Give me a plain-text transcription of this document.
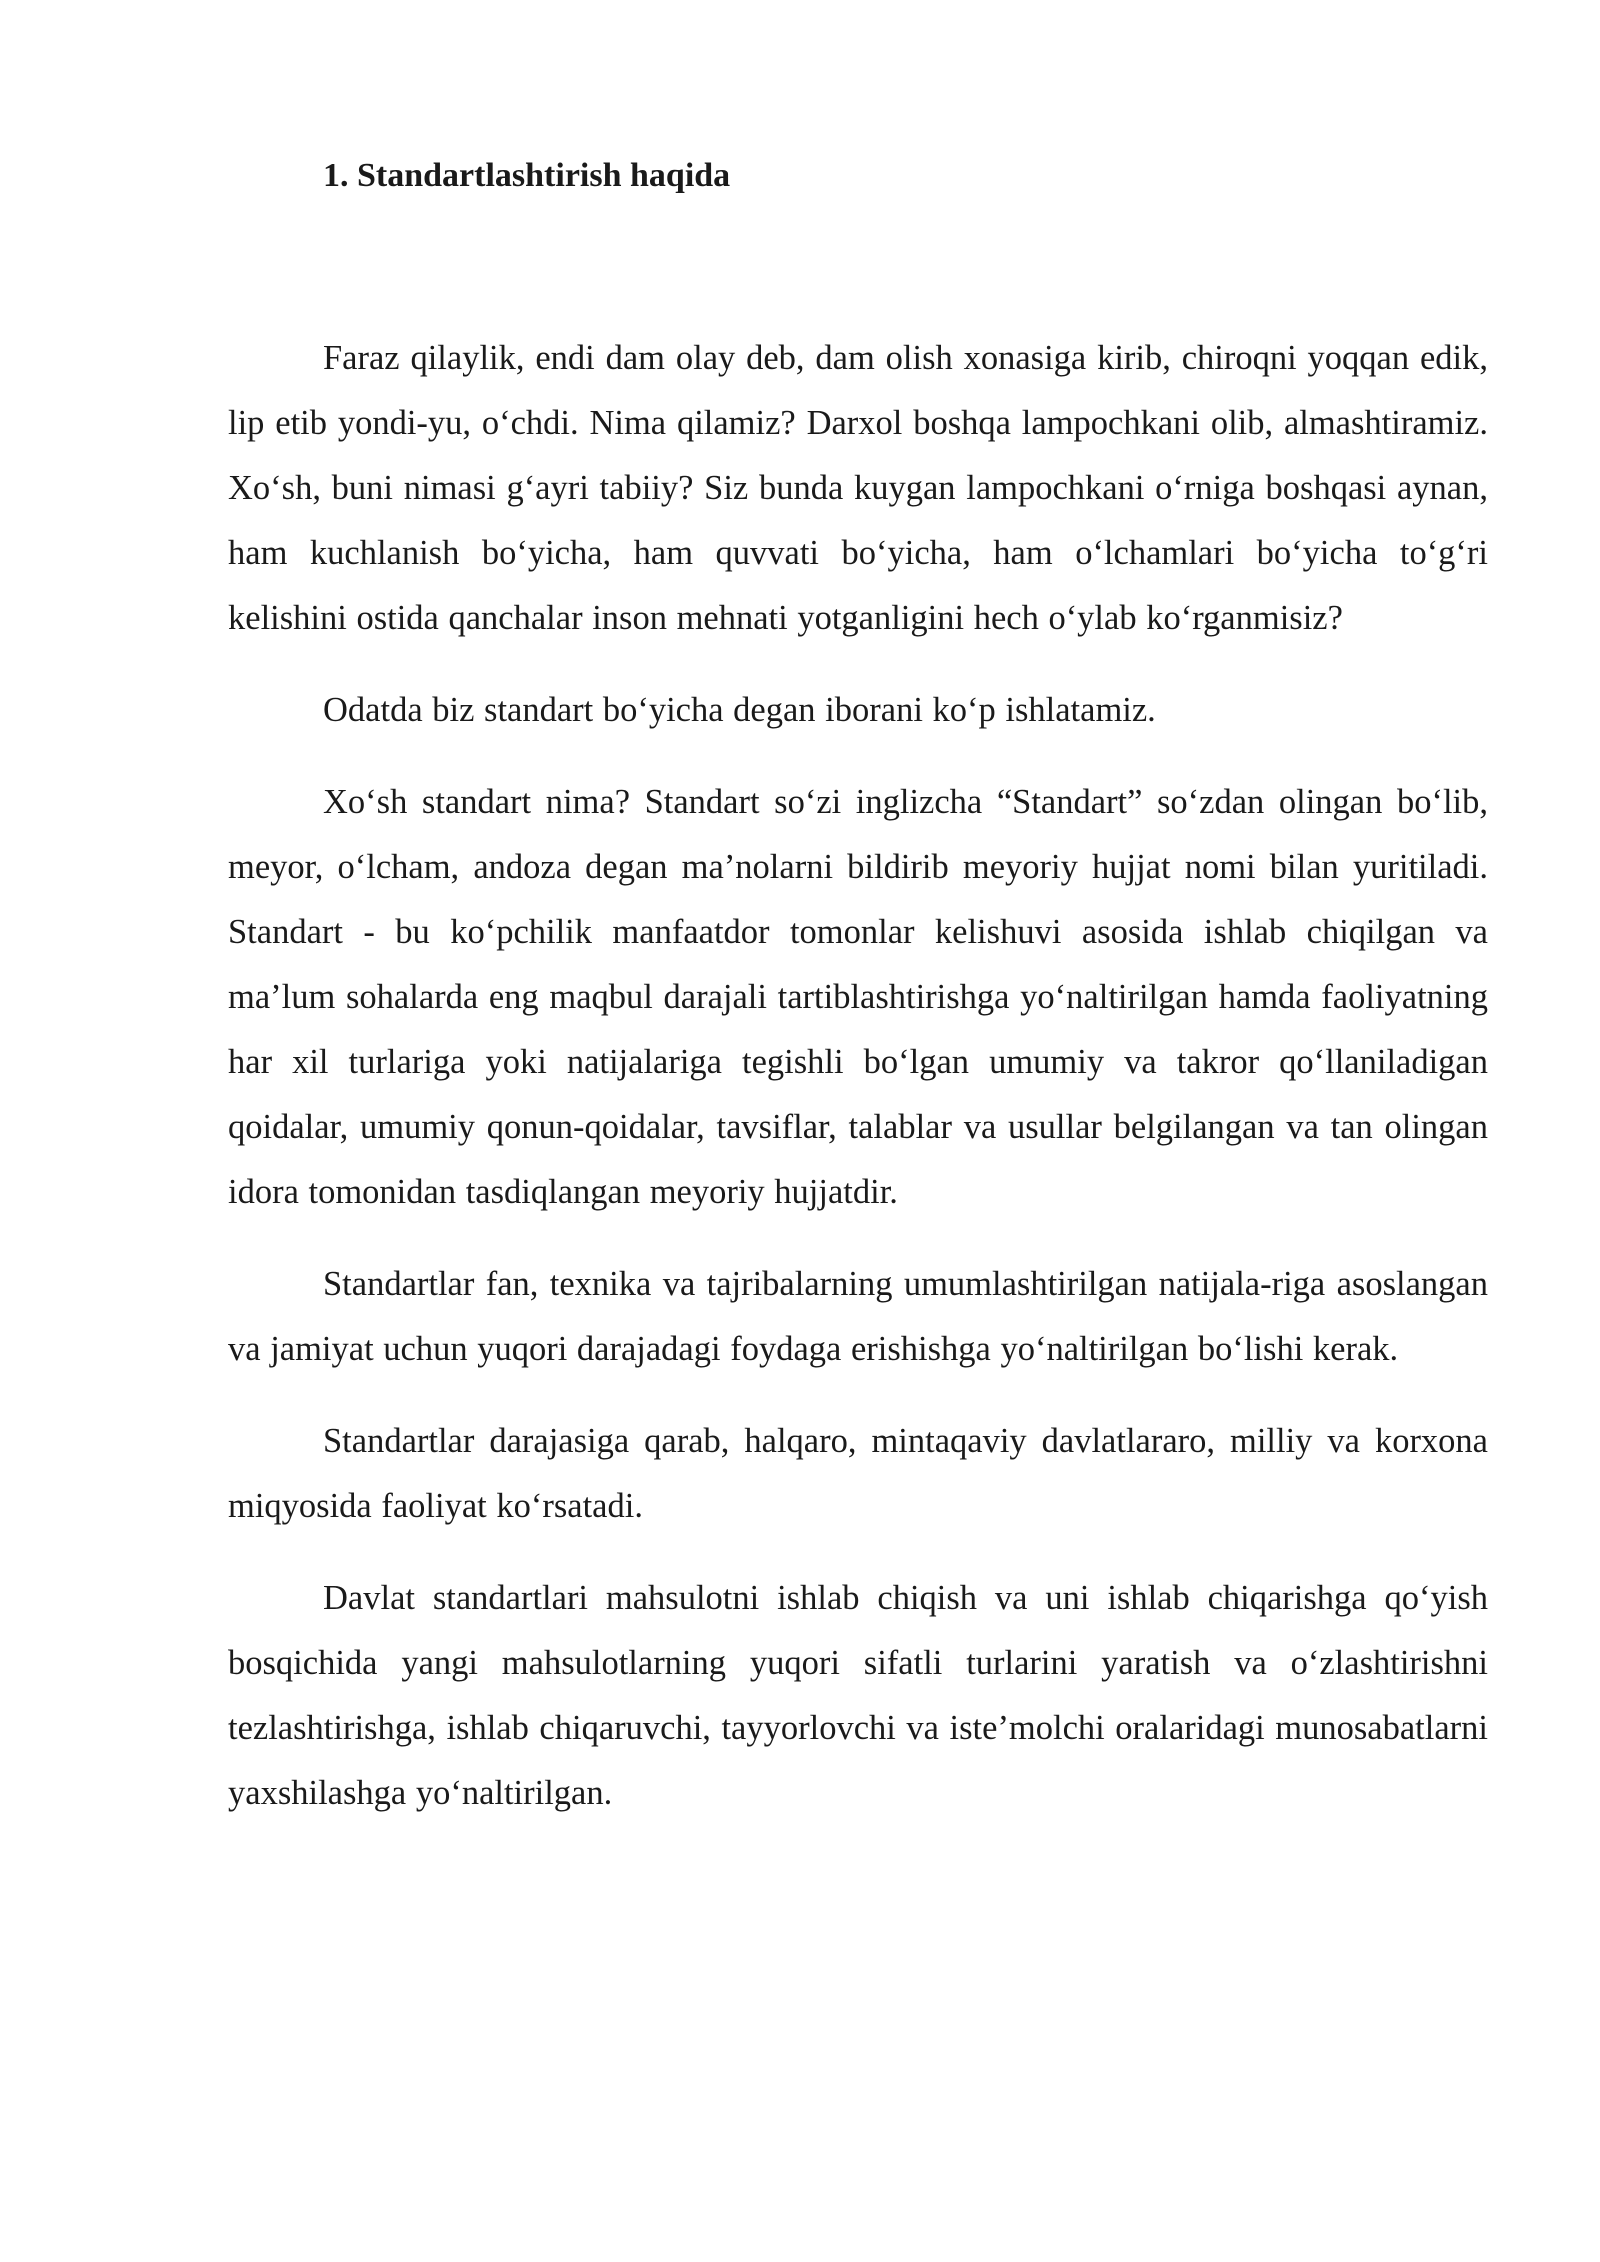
1. Standartlashtirish haqida

Faraz qilaylik, endi dam olay deb, dam olish xonasiga kirib, chiroqni yoqqan edik, lip etib yondi-yu, o‘chdi. Nima qilamiz? Darxol boshqa lampochkani olib, almashtiramiz. Xo‘sh, buni nimasi g‘ayri tabiiy? Siz bunda kuygan lampochkani o‘rniga boshqasi aynan, ham kuchlanish bo‘yicha, ham quvvati bo‘yicha, ham o‘lchamlari bo‘yicha to‘g‘ri kelishini ostida qanchalar inson mehnati yotganligini hech o‘ylab ko‘rganmisiz?

Odatda biz standart bo‘yicha degan iborani ko‘p ishlatamiz.

Xo‘sh standart nima? Standart so‘zi inglizcha “Standart” so‘zdan olingan bo‘lib, meyor, o‘lcham, andoza degan ma’nolarni bildirib meyoriy hujjat nomi bilan yuritiladi. Standart - bu ko‘pchilik manfaatdor tomonlar kelishuvi asosida ishlab chiqilgan va ma’lum sohalarda eng maqbul darajali tartiblashtirishga yo‘naltirilgan hamda faoliyatning har xil turlariga yoki natijalariga tegishli bo‘lgan umumiy va takror qo‘llaniladigan qoidalar, umumiy qonun-qoidalar, tavsiflar, talablar va usullar belgilangan va tan olingan idora tomonidan tasdiqlangan meyoriy hujjatdir.

Standartlar fan, texnika va tajribalarning umumlashtirilgan natijala-riga asoslangan va jamiyat uchun yuqori darajadagi foydaga erishishga yo‘naltirilgan bo‘lishi kerak.

Standartlar darajasiga qarab, halqaro, mintaqaviy davlatlararo, milliy va korxona miqyosida faoliyat ko‘rsatadi.

Davlat standartlari mahsulotni ishlab chiqish va uni ishlab chiqarishga qo‘yish bosqichida yangi mahsulotlarning yuqori sifatli turlarini yaratish va o‘zlashtirishni tezlashtirishga, ishlab chiqaruvchi, tayyorlovchi va iste’molchi oralaridagi munosabatlarni yaxshilashga yo‘naltirilgan.
